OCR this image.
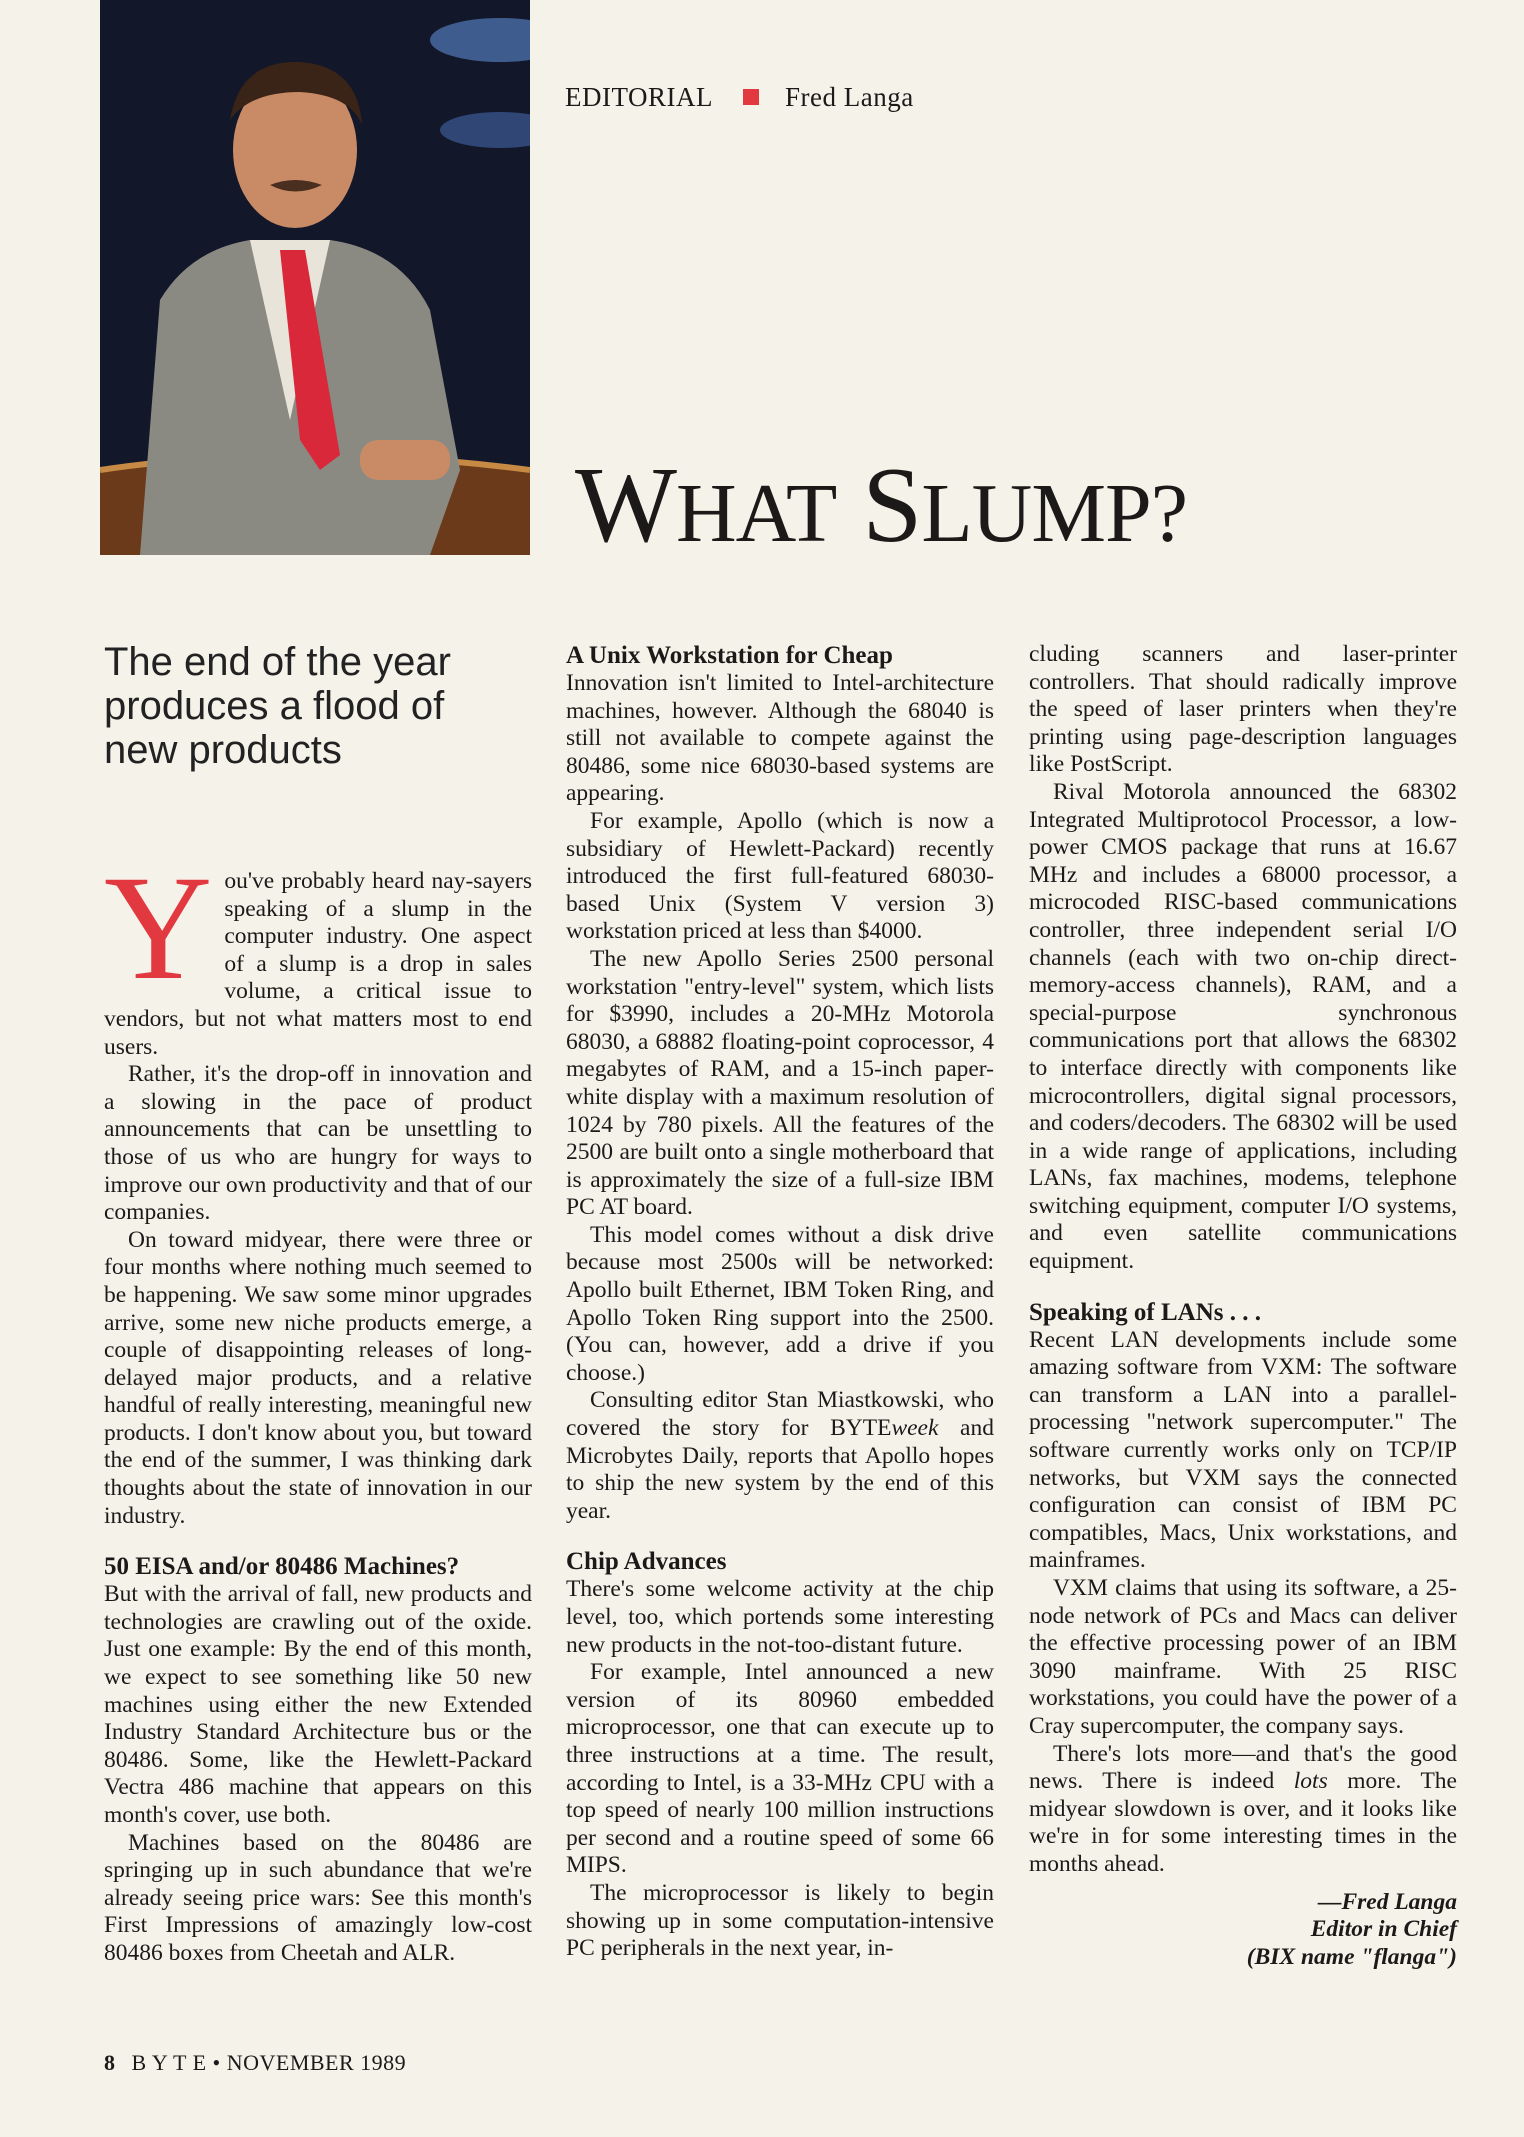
EDITORIAL	Fred Langa
WHAT SLUMP?
The end of the year produces a flood of new products

You've probably heard nay-sayers speaking of a slump in the computer industry. One aspect of a slump is a drop in sales volume, a critical issue to vendors, but not what matters most to end users.

Rather, it's the drop-off in innovation and a slowing in the pace of product announcements that can be unsettling to those of us who are hungry for ways to improve our own productivity and that of our companies.

On toward midyear, there were three or four months where nothing much seemed to be happening. We saw some minor upgrades arrive, some new niche products emerge, a couple of disappointing releases of long-delayed major products, and a relative handful of really interesting, meaningful new products. I don't know about you, but toward the end of the summer, I was thinking dark thoughts about the state of innovation in our industry.

50 EISA and/or 80486 Machines?

But with the arrival of fall, new products and technologies are crawling out of the oxide. Just one example: By the end of this month, we expect to see something like 50 new machines using either the new Extended Industry Standard Architecture bus or the 80486. Some, like the Hewlett-Packard Vectra 486 machine that appears on this month's cover, use both.

Machines based on the 80486 are springing up in such abundance that we're already seeing price wars: See this month's First Impressions of amazingly low-cost 80486 boxes from Cheetah and ALR.

A Unix Workstation for Cheap

Innovation isn't limited to Intel-architecture machines, however. Although the 68040 is still not available to compete against the 80486, some nice 68030-based systems are appearing.

For example, Apollo (which is now a subsidiary of Hewlett-Packard) recently introduced the first full-featured 68030-based Unix (System V version 3) workstation priced at less than $4000.

The new Apollo Series 2500 personal workstation "entry-level" system, which lists for $3990, includes a 20-MHz Motorola 68030, a 68882 floating-point coprocessor, 4 megabytes of RAM, and a 15-inch paper-white display with a maximum resolution of 1024 by 780 pixels. All the features of the 2500 are built onto a single motherboard that is approximately the size of a full-size IBM PC AT board.

This model comes without a disk drive because most 2500s will be networked: Apollo built Ethernet, IBM Token Ring, and Apollo Token Ring support into the 2500. (You can, however, add a drive if you choose.)

Consulting editor Stan Miastkowski, who covered the story for BYTEweek and Microbytes Daily, reports that Apollo hopes to ship the new system by the end of this year.

Chip Advances

There's some welcome activity at the chip level, too, which portends some interesting new products in the not-too-distant future.

For example, Intel announced a new version of its 80960 embedded microprocessor, one that can execute up to three instructions at a time. The result, according to Intel, is a 33-MHz CPU with a top speed of nearly 100 million instructions per second and a routine speed of some 66 MIPS.

The microprocessor is likely to begin showing up in some computation-intensive PC peripherals in the next year, in-

cluding scanners and laser-printer controllers. That should radically improve the speed of laser printers when they're printing using page-description languages like PostScript.

Rival Motorola announced the 68302 Integrated Multiprotocol Processor, a low-power CMOS package that runs at 16.67 MHz and includes a 68000 processor, a microcoded RISC-based communications controller, three independent serial I/O channels (each with two on-chip direct-memory-access channels), RAM, and a special-purpose synchronous communications port that allows the 68302 to interface directly with components like microcontrollers, digital signal processors, and coders/decoders. The 68302 will be used in a wide range of applications, including LANs, fax machines, modems, telephone switching equipment, computer I/O systems, and even satellite communications equipment.

Speaking of LANs . . .

Recent LAN developments include some amazing software from VXM: The software can transform a LAN into a parallel-processing "network supercomputer." The software currently works only on TCP/IP networks, but VXM says the connected configuration can consist of IBM PC compatibles, Macs, Unix workstations, and mainframes.

VXM claims that using its software, a 25-node network of PCs and Macs can deliver the effective processing power of an IBM 3090 mainframe. With 25 RISC workstations, you could have the power of a Cray supercomputer, the company says.

There's lots more—and that's the good news. There is indeed lots more. The midyear slowdown is over, and it looks like we're in for some interesting times in the months ahead.

—Fred Langa
Editor in Chief
(BIX name "flanga")
8 B Y T E • NOVEMBER 1989
